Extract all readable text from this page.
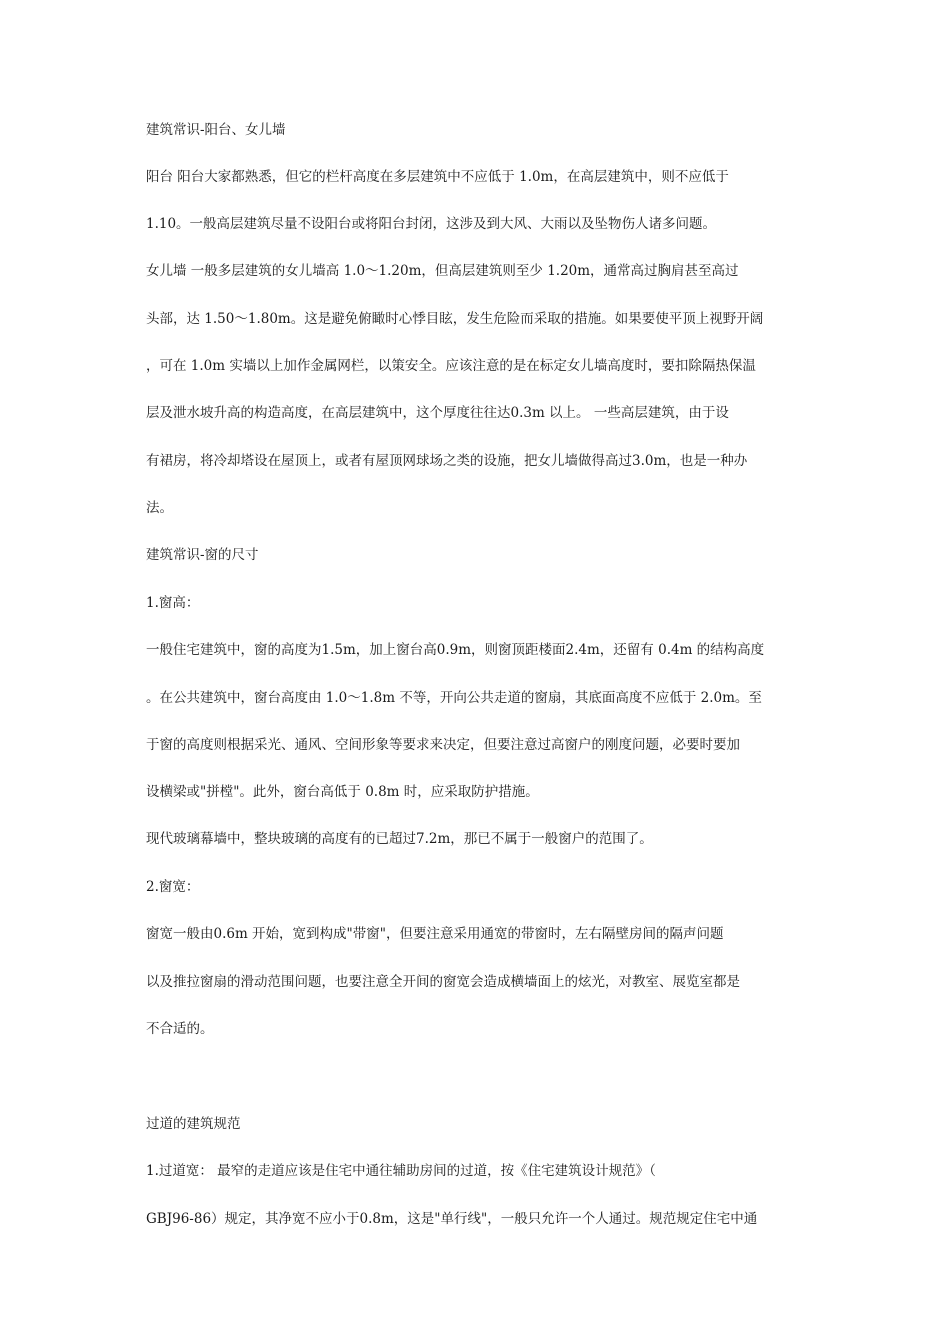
建筑常识-阳台、女儿墙

阳台 阳台大家都熟悉，但它的栏杆高度在多层建筑中不应低于 1.0m，在高层建筑中，则不应低于

1.10。一般高层建筑尽量不设阳台或将阳台封闭，这涉及到大风、大雨以及坠物伤人诸多问题。

女儿墙 一般多层建筑的女儿墙高 1.0～1.20m，但高层建筑则至少 1.20m，通常高过胸肩甚至高过

头部，达 1.50～1.80m。这是避免俯瞰时心悸目眩，发生危险而采取的措施。如果要使平顶上视野开阔

，可在 1.0m 实墙以上加作金属网栏，以策安全。应该注意的是在标定女儿墙高度时，要扣除隔热保温

层及泄水坡升高的构造高度，在高层建筑中，这个厚度往往达0.3m 以上。 一些高层建筑，由于设

有裙房，将冷却塔设在屋顶上，或者有屋顶网球场之类的设施，把女儿墙做得高过3.0m，也是一种办

法。

建筑常识-窗的尺寸

1.窗高：

一般住宅建筑中，窗的高度为1.5m，加上窗台高0.9m，则窗顶距楼面2.4m，还留有 0.4m 的结构高度

。在公共建筑中，窗台高度由 1.0～1.8m 不等，开向公共走道的窗扇，其底面高度不应低于 2.0m。至

于窗的高度则根据采光、通风、空间形象等要求来决定，但要注意过高窗户的刚度问题，必要时要加

设横梁或"拼樘"。此外，窗台高低于 0.8m 时，应采取防护措施。

现代玻璃幕墙中，整块玻璃的高度有的已超过7.2m，那已不属于一般窗户的范围了。

2.窗宽：

窗宽一般由0.6m 开始，宽到构成"带窗"，但要注意采用通宽的带窗时，左右隔壁房间的隔声问题

以及推拉窗扇的滑动范围问题，也要注意全开间的窗宽会造成横墙面上的炫光，对教室、展览室都是

不合适的。

过道的建筑规范

1.过道宽： 最窄的走道应该是住宅中通往辅助房间的过道，按《住宅建筑设计规范》（

GBJ96-86）规定，其净宽不应小于0.8m，这是"单行线"，一般只允许一个人通过。规范规定住宅中通
